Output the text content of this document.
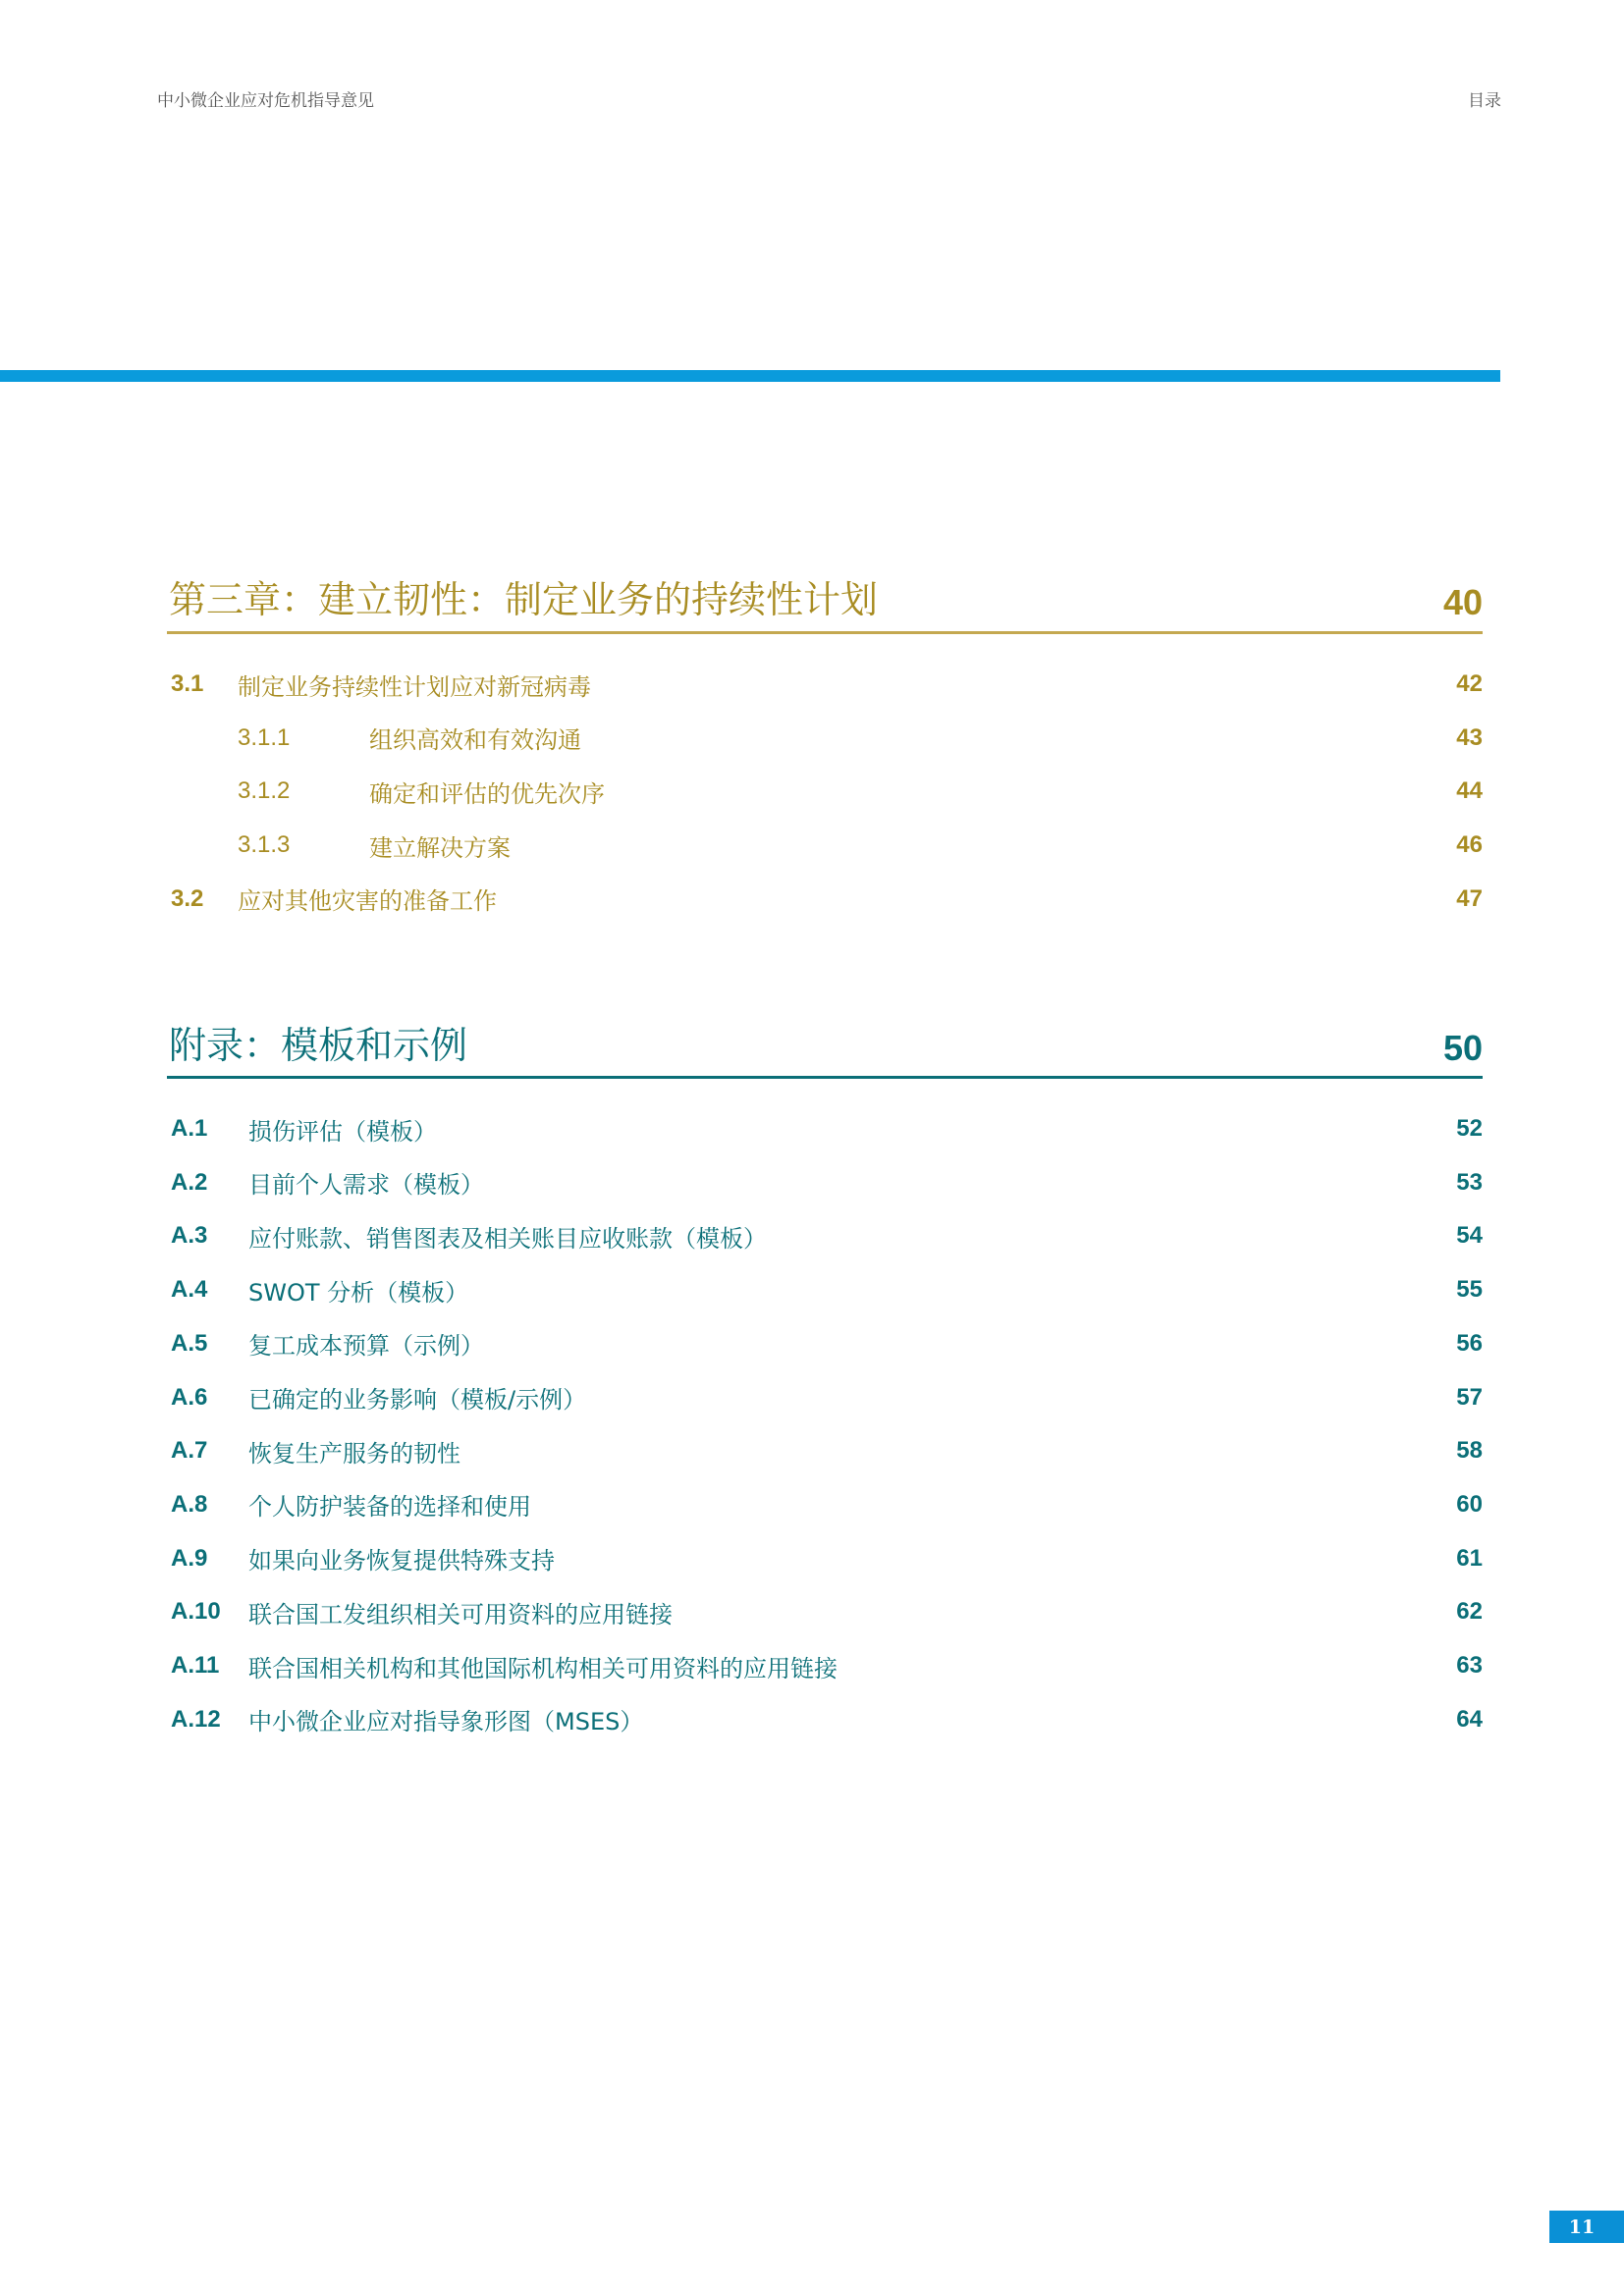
中小微企业应对危机指导意见	目录
第三章：建立韧性：制定业务的持续性计划	40
3.1	制定业务持续性计划应对新冠病毒	42
3.1.1	组织高效和有效沟通	43
3.1.2	确定和评估的优先次序	44
3.1.3	建立解决方案	46
3.2	应对其他灾害的准备工作	47
附录：模板和示例	50
A.1	损伤评估（模板）	52
A.2	目前个人需求（模板）	53
A.3	应付账款、销售图表及相关账目应收账款（模板）	54
A.4	SWOT 分析（模板）	55
A.5	复工成本预算（示例）	56
A.6	已确定的业务影响（模板/示例）	57
A.7	恢复生产服务的韧性	58
A.8	个人防护装备的选择和使用	60
A.9	如果向业务恢复提供特殊支持	61
A.10	联合国工发组织相关可用资料的应用链接	62
A.11	联合国相关机构和其他国际机构相关可用资料的应用链接	63
A.12	中小微企业应对指导象形图（MSES）	64
11
